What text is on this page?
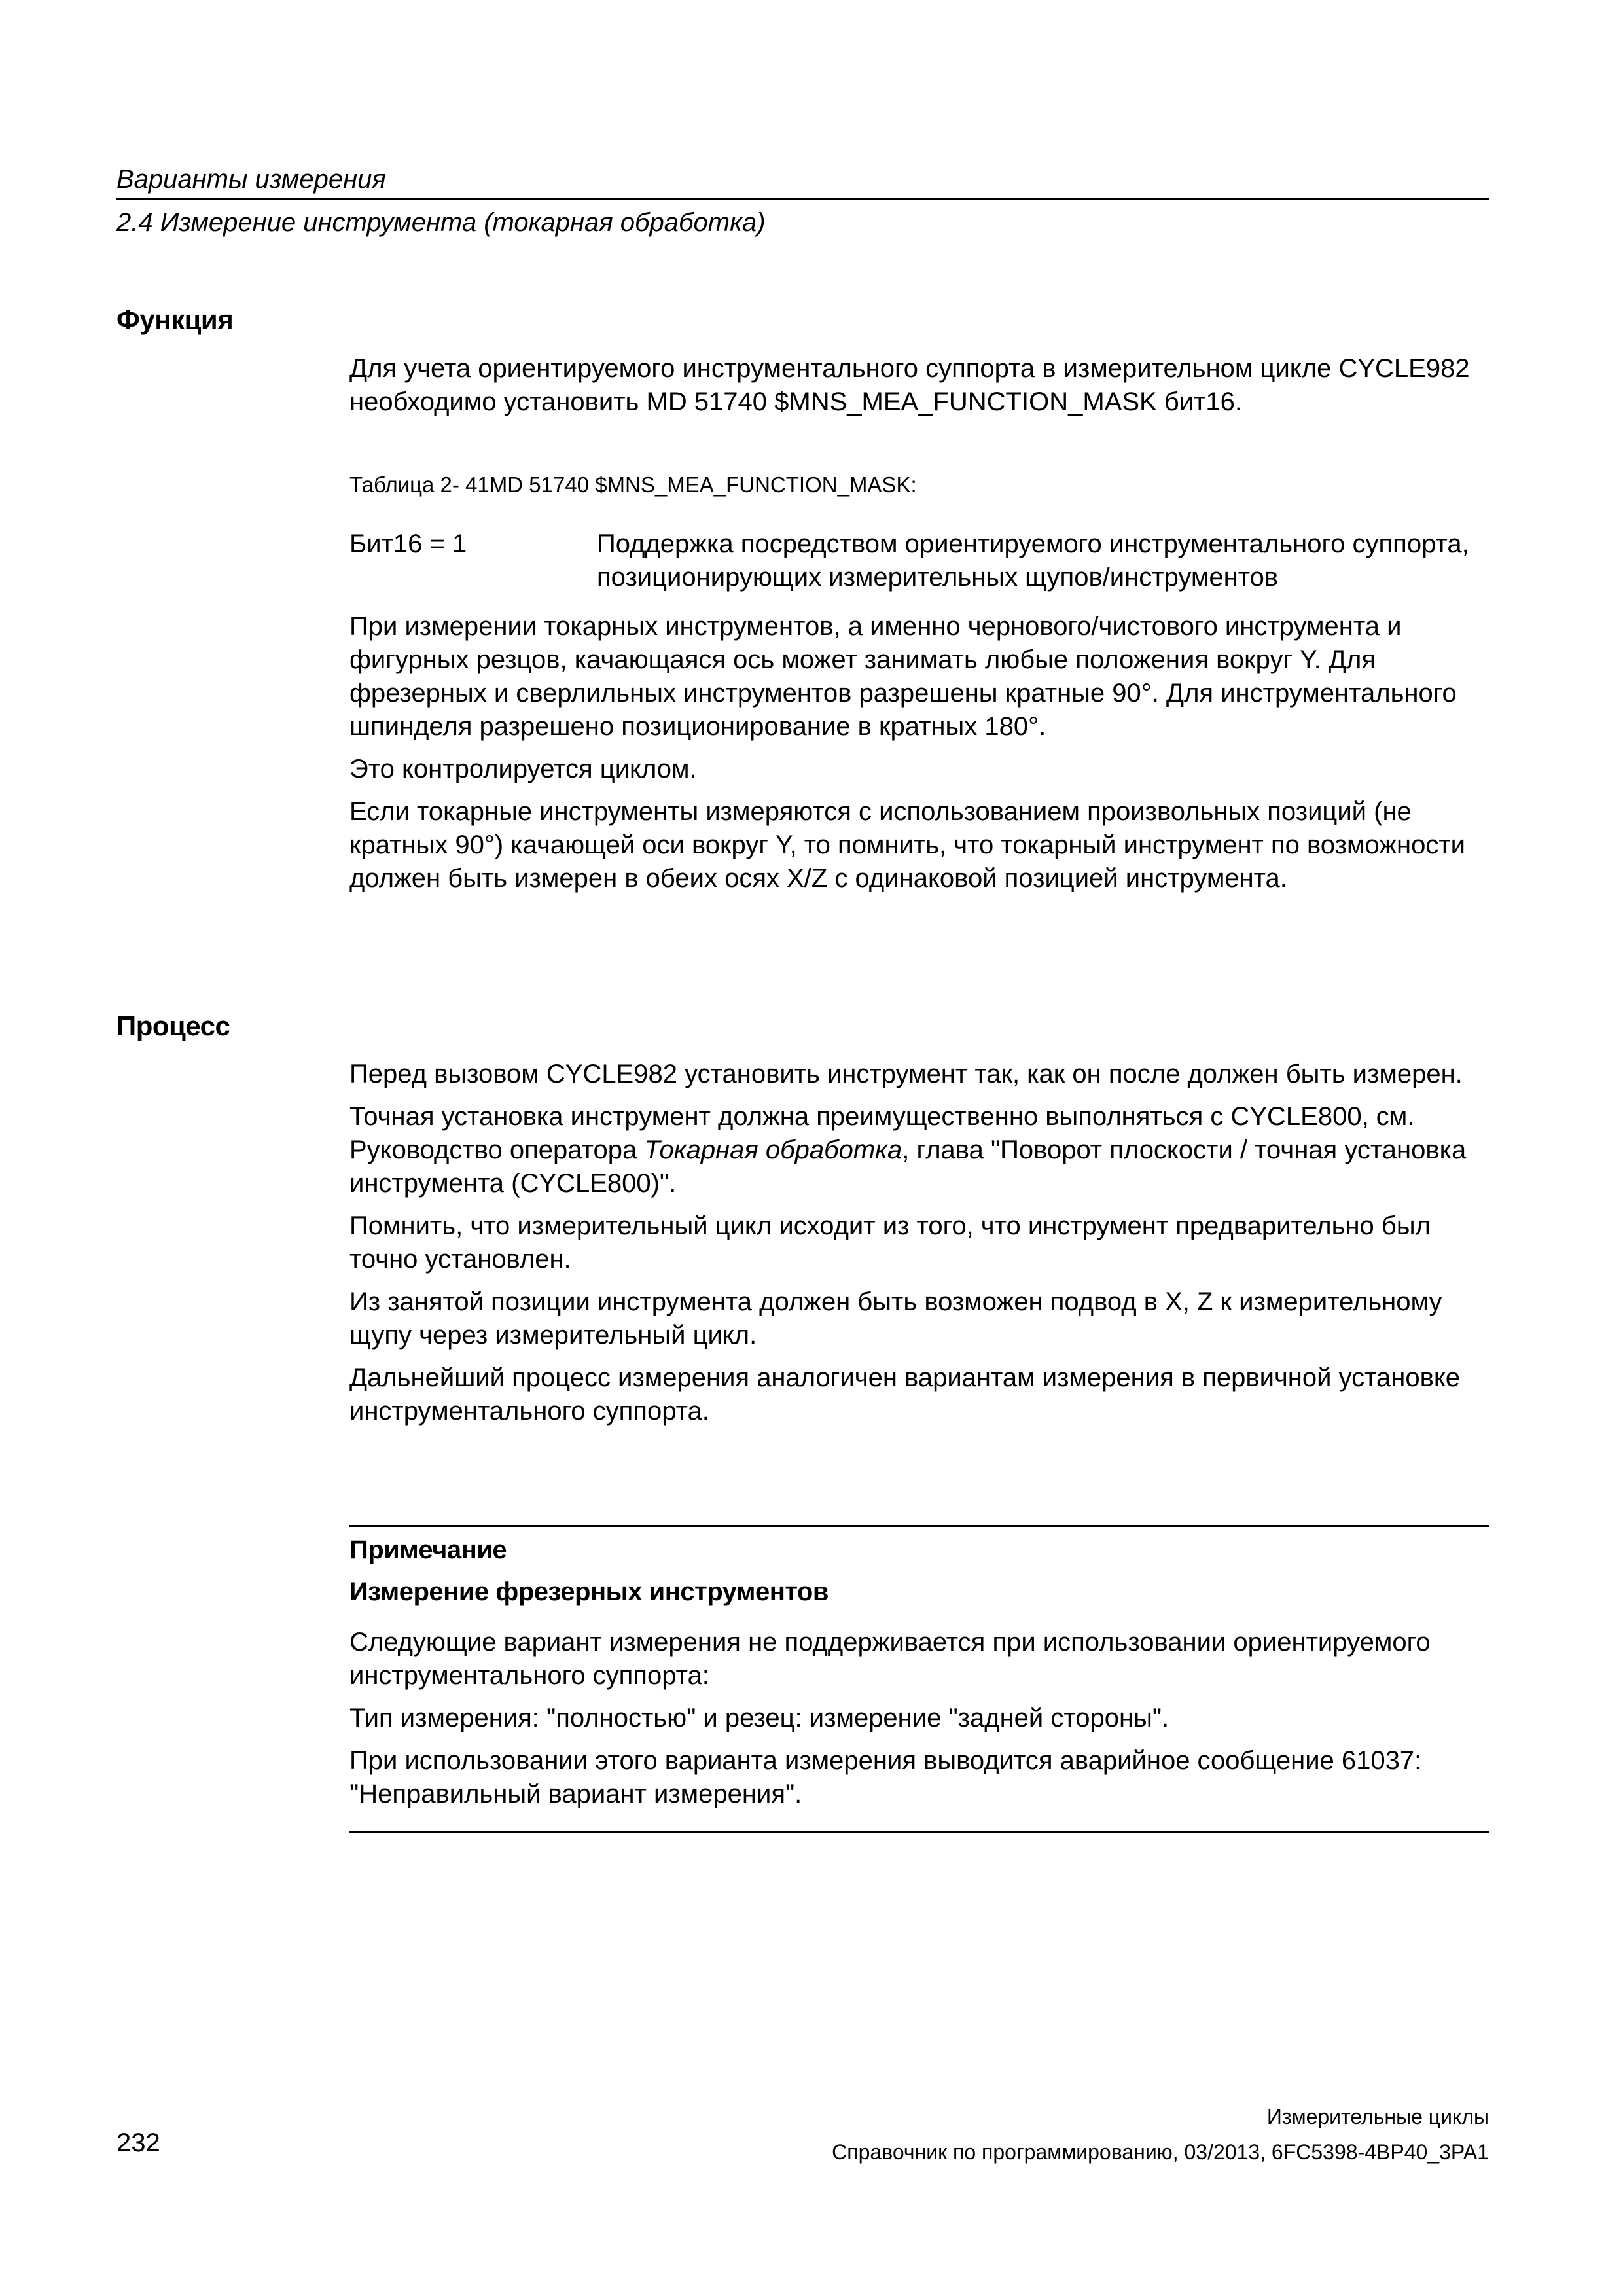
Варианты измерения
2.4 Измерение инструмента (токарная обработка)
Функция

Для учета ориентируемого инструментального суппорта в измерительном цикле CYCLE982 необходимо установить MD 51740 $MNS_MEA_FUNCTION_MASK бит16.

Таблица 2- 41MD 51740 $MNS_MEA_FUNCTION_MASK:
Бит16 = 1	Поддержка посредством ориентируемого инструментального суппорта, позиционирующих измерительных щупов/инструментов

При измерении токарных инструментов, а именно чернового/чистового инструмента и фигурных резцов, качающаяся ось может занимать любые положения вокруг Y. Для фрезерных и сверлильных инструментов разрешены кратные 90°. Для инструментального шпинделя разрешено позиционирование в кратных 180°.

Это контролируется циклом.

Если токарные инструменты измеряются с использованием произвольных позиций (не кратных 90°) качающей оси вокруг Y, то помнить, что токарный инструмент по возможности должен быть измерен в обеих осях X/Z с одинаковой позицией инструмента.

Процесс

Перед вызовом CYCLE982 установить инструмент так, как он после должен быть измерен.

Точная установка инструмент должна преимущественно выполняться с CYCLE800, см. Руководство оператора Токарная обработка, глава "Поворот плоскости / точная установка инструмента (CYCLE800)".

Помнить, что измерительный цикл исходит из того, что инструмент предварительно был точно установлен.

Из занятой позиции инструмента должен быть возможен подвод в X, Z к измерительному щупу через измерительный цикл.

Дальнейший процесс измерения аналогичен вариантам измерения в первичной установке инструментального суппорта.

Примечание
Измерение фрезерных инструментов

Следующие вариант измерения не поддерживается при использовании ориентируемого инструментального суппорта:

Тип измерения: "полностью" и резец: измерение "задней стороны".

При использовании этого варианта измерения выводится аварийное сообщение 61037: "Неправильный вариант измерения".

Измерительные циклы
232	Справочник по программированию, 03/2013, 6FC5398-4BP40_3PA1
